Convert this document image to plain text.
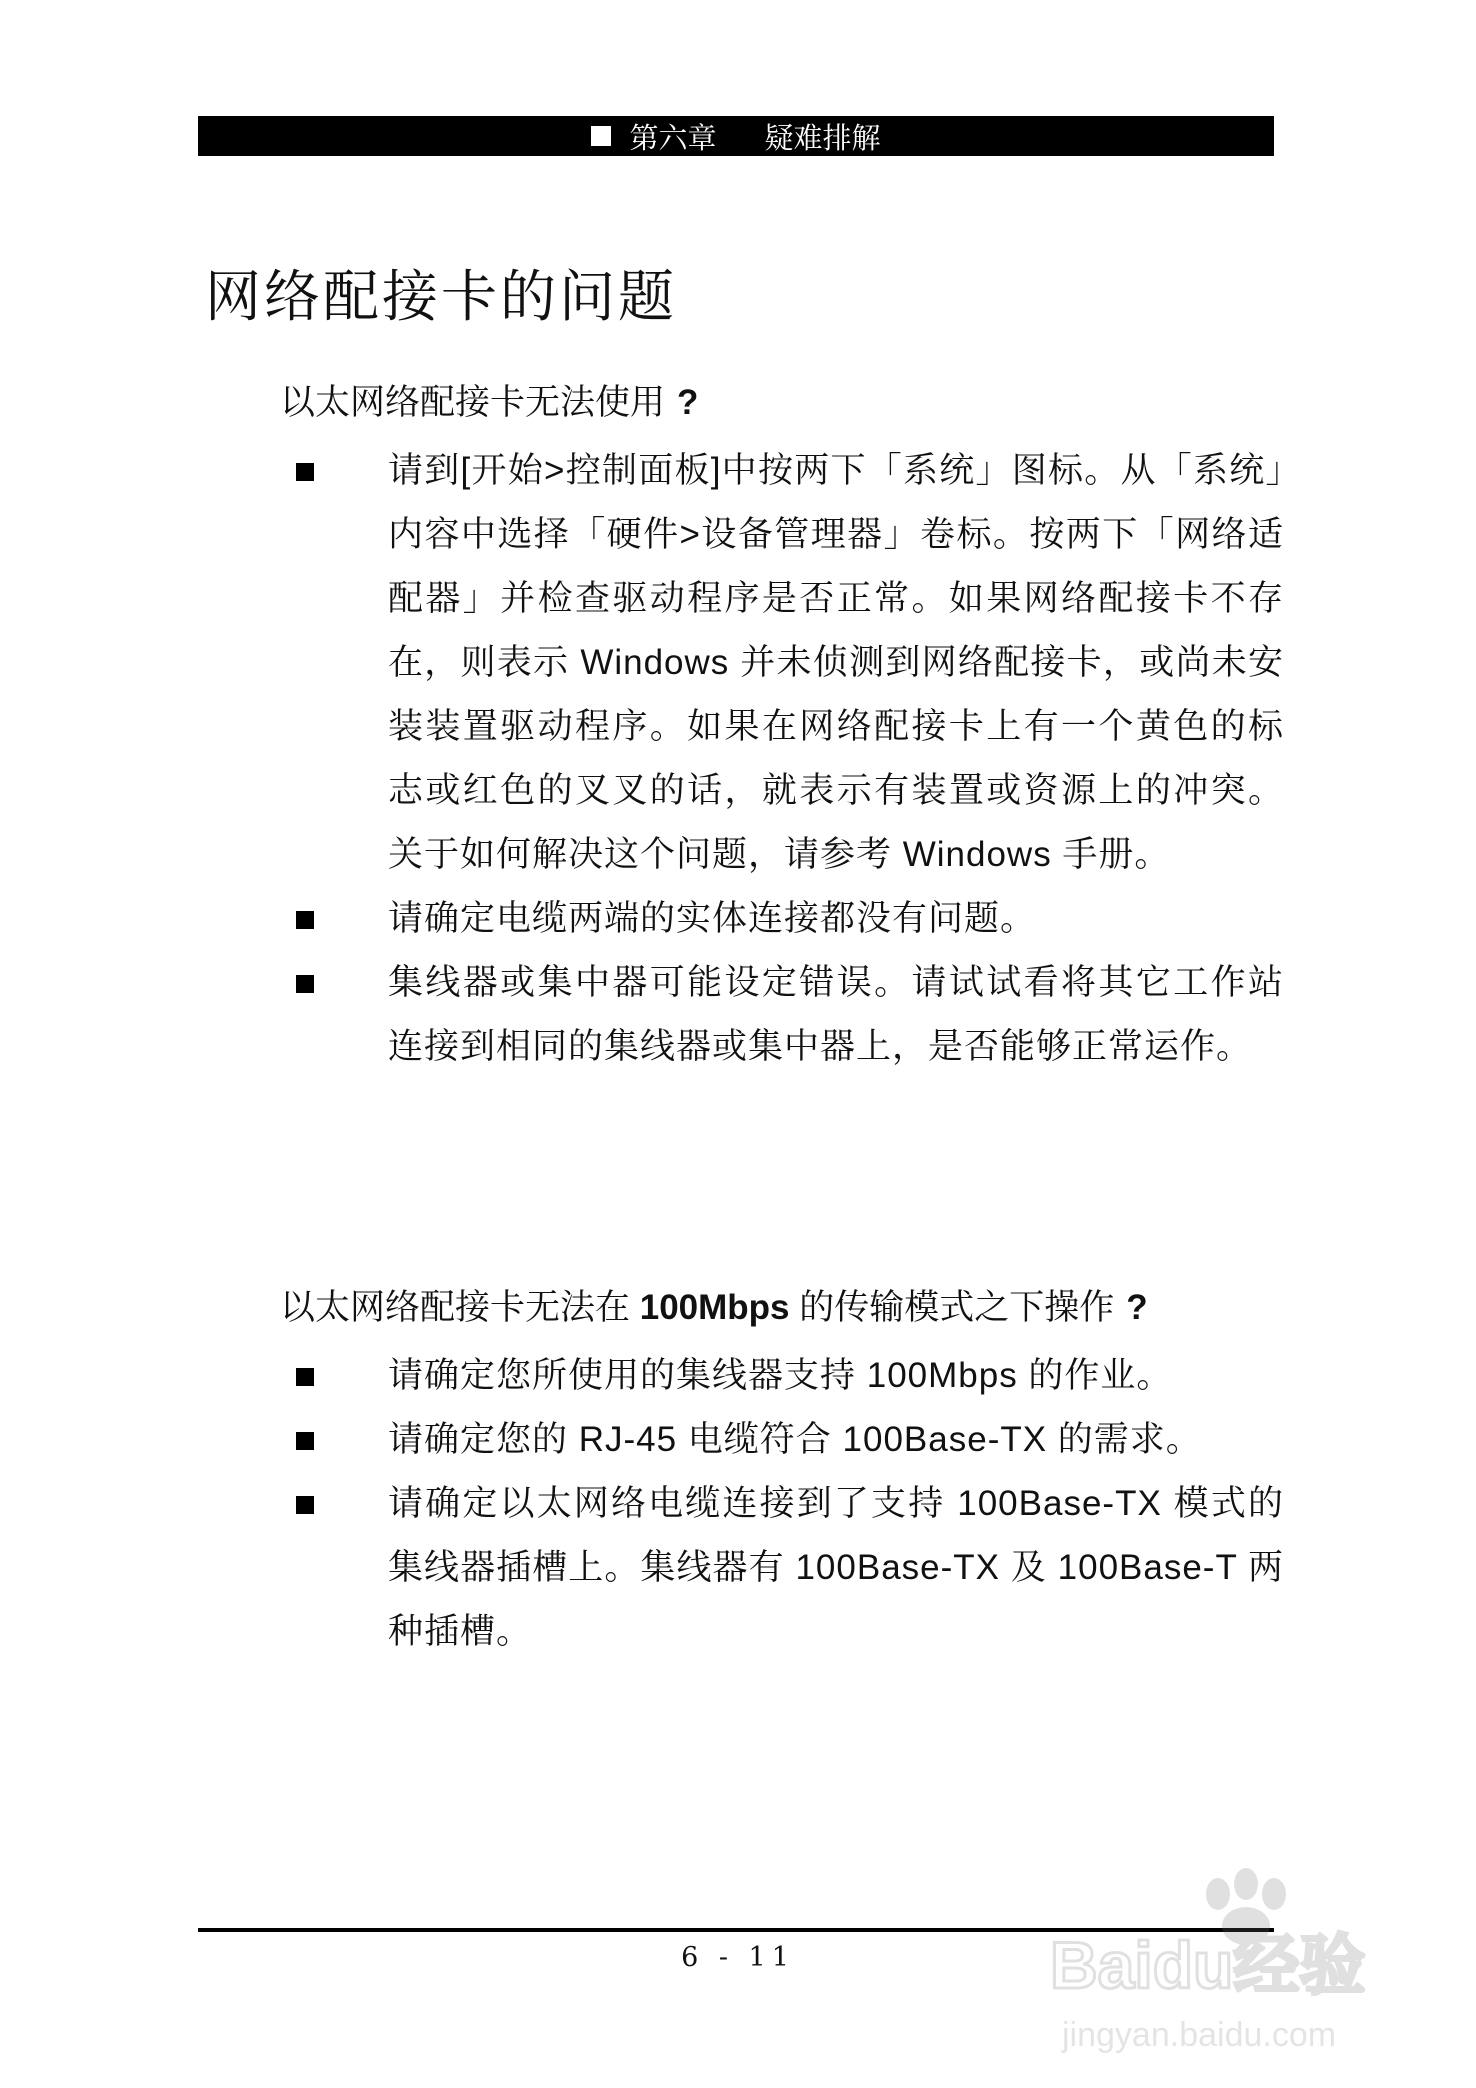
第六章 疑难排解
网络配接卡的问题

以太网络配接卡无法使用 ?

请到[开始>控制面板]中按两下「系统」图标。从「系统」内容中选择「硬件>设备管理器」卷标。按两下「网络适配器」并检查驱动程序是否正常。如果网络配接卡不存在，则表示 Windows 并未侦测到网络配接卡，或尚未安装装置驱动程序。如果在网络配接卡上有一个黄色的标志或红色的叉叉的话，就表示有装置或资源上的冲突。关于如何解决这个问题，请参考 Windows 手册。
请确定电缆两端的实体连接都没有问题。
集线器或集中器可能设定错误。请试试看将其它工作站连接到相同的集线器或集中器上，是否能够正常运作。

以太网络配接卡无法在 100Mbps 的传输模式之下操作 ?

请确定您所使用的集线器支持 100Mbps 的作业。
请确定您的 RJ-45 电缆符合 100Base-TX 的需求。
请确定以太网络电缆连接到了支持 100Base-TX 模式的集线器插槽上。集线器有 100Base-TX 及 100Base-T 两种插槽。
6 - 11	Baidu经验
jingyan.baidu.com
